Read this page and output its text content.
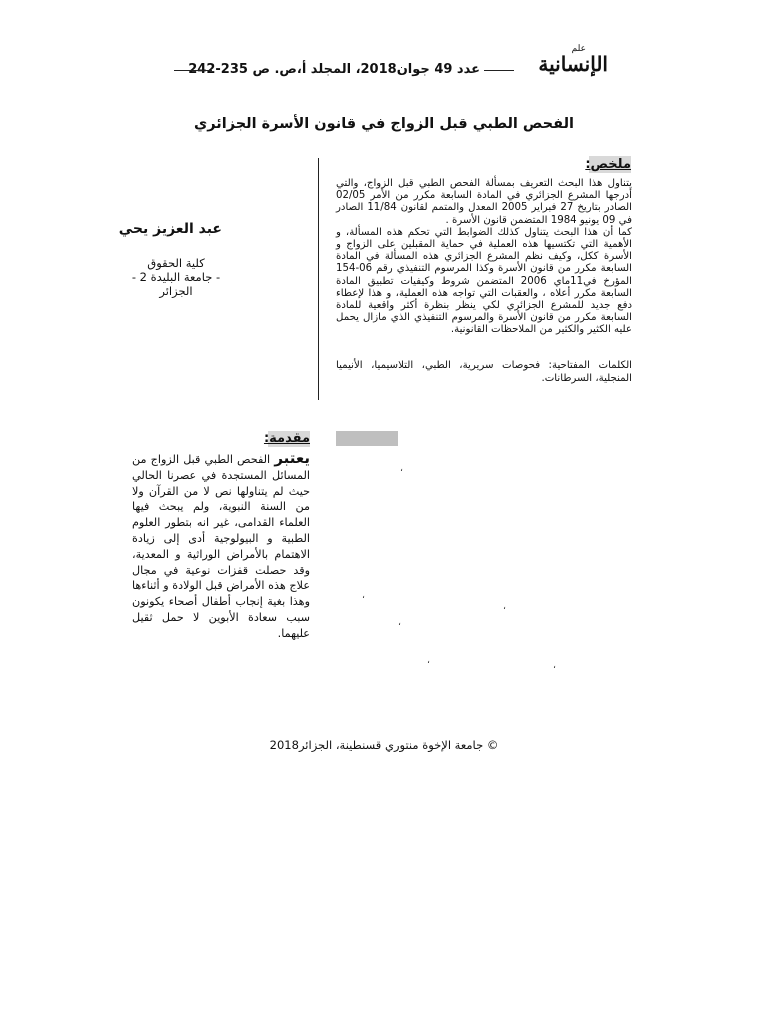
علم
الإنسانية
عدد 49 جوان2018، المجلد أ،ص. ص 235-242
الفحص الطبي قبل الزواج في قانون الأسرة الجزائري
عبد العزيز يحي
كلية الحقوق
- جامعة البليدة 2 -
الجزائر
ملخص:

يتناول هذا البحث التعريف بمسألة الفحص الطبي قبل الزواج، والتي أدرجها المشرع الجزائري في المادة السابعة مكرر من الأمر 02/05 الصادر بتاريخ 27 فبراير 2005 المعدل والمتمم لقانون 11/84 الصادر في 09 يونيو 1984 المتضمن قانون الأسرة .

كما أن هذا البحث يتناول كذلك الضوابط التي تحكم هذه المسألة، و الأهمية التي تكتسيها هذه العملية في حماية المقبلين على الزواج و الأسرة ككل، وكيف نظم المشرع الجزائري هذه المسألة في المادة السابعة مكرر من قانون الأسرة وكذا المرسوم التنفيذي رقم 06-154 المؤرخ في11ماي 2006 المتضمن شروط وكيفيات تطبيق المادة السابعة مكرر أعلاه ، والعقبات التي تواجه هذه العملية، و هذا لإعطاء دفع جديد للمشرع الجزائري لكي ينظر بنظرة أكثر واقعية للمادة السابعة مكرر من قانون الأسرة والمرسوم التنفيذي الذي مازال يحمل عليه الكثير والكثير من الملاحظات القانونية.

الكلمات المفتاحية: فحوصات سريرية، الطبي، التلاسيميا، الأنيميا المنجلية، السرطانات.
مقدمة:
يعتبر الفحص الطبي قبل الزواج من المسائل المستجدة في عصرنا الحالي حيث لم يتناولها نص لا من القرآن ولا من السنة النبوية، ولم يبحث فيها العلماء القدامى، غير انه بتطور العلوم الطبية و البيولوجية أدى إلى زيادة الاهتمام بالأمراض الوراثية و المعدية، وقد حصلت قفزات نوعية في مجال علاج هذه الأمراض قبل الولادة و أثناءها وهذا بغية إنجاب أطفال أصحاء يكونون سبب سعادة الأبوين لا حمل ثقيل عليهما.
،
،
،
،
،	،
© جامعة الإخوة منتوري قسنطينة، الجزائر2018
